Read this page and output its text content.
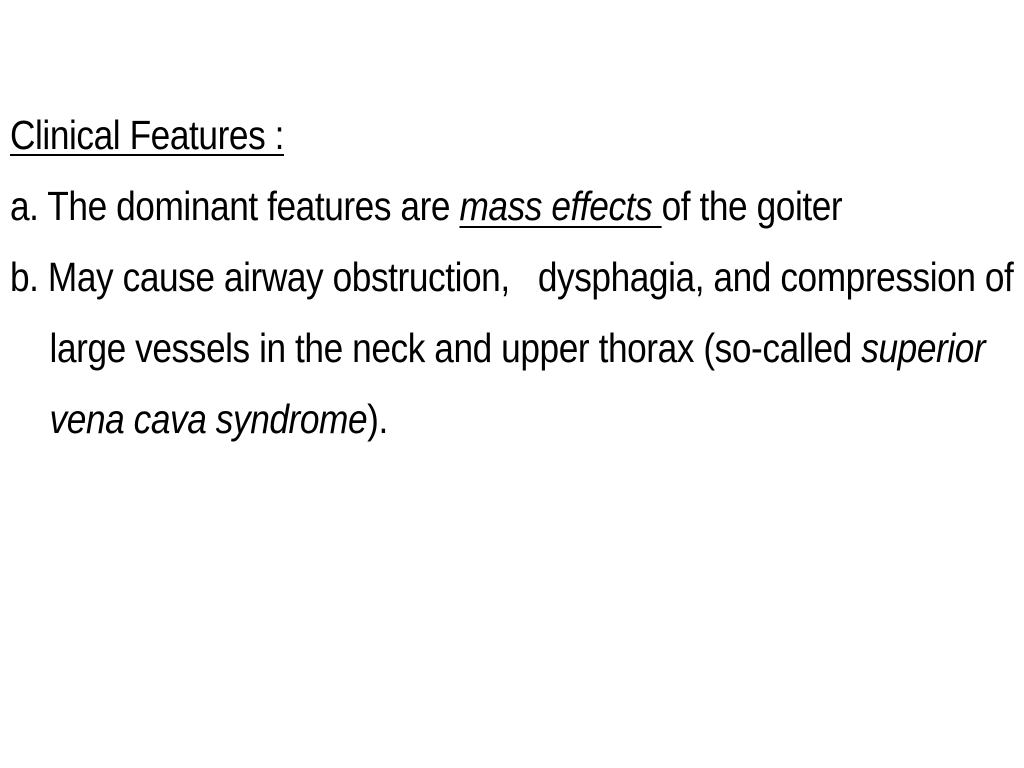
Clinical Features :

a. The dominant features are mass effects of the goiter

b. May cause airway obstruction,   dysphagia, and compression of large vessels in the neck and upper thorax (so-called superior vena cava syndrome).
